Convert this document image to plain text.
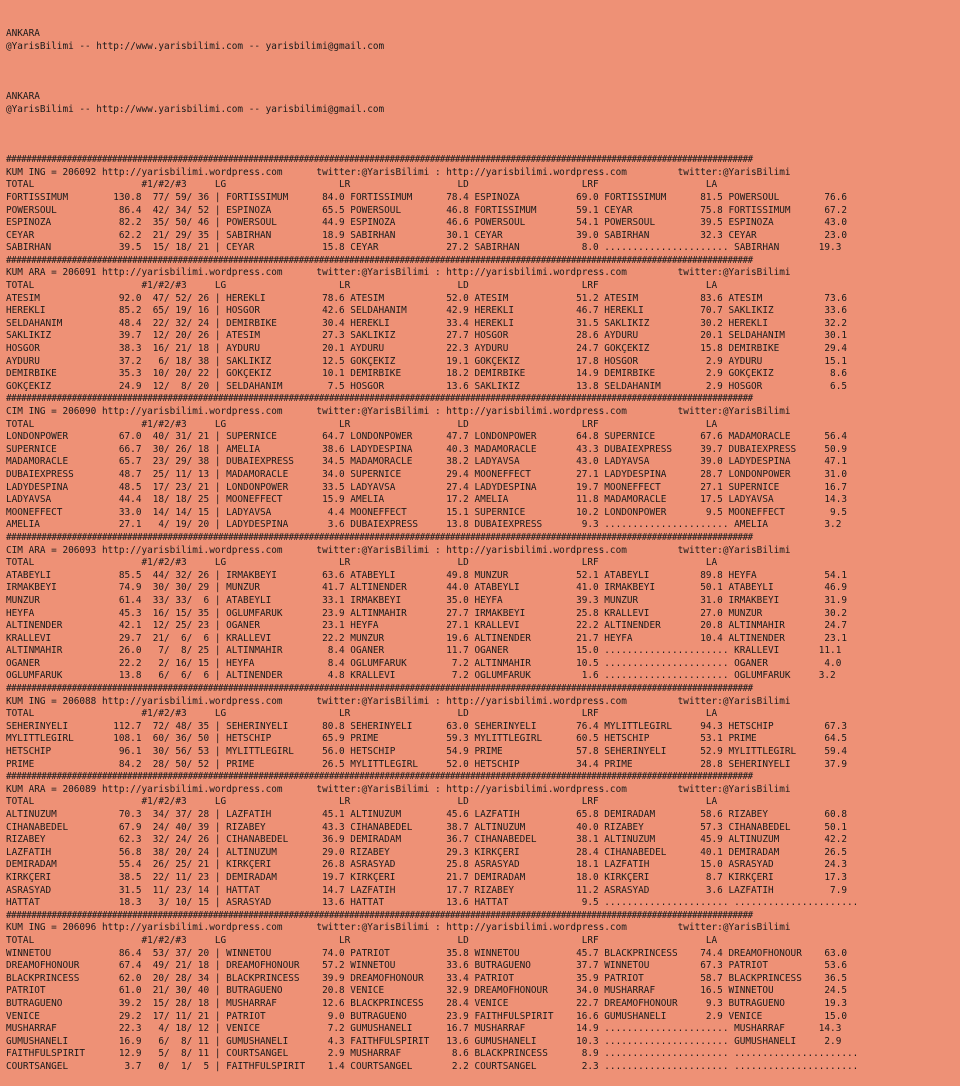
ANKARA
@YarisBilimi -- http://www.yarisbilimi.com -- yarisbilimi@gmail.com
ANKARA
@YarisBilimi -- http://www.yarisbilimi.com -- yarisbilimi@gmail.com

####################################################################################################################################################
KUM ING = 206092 http://yarisbilimi.wordpress.com      twitter:@YarisBilimi : http://yarisbilimi.wordpress.com         twitter:@YarisBilimi
TOTAL                   #1/#2/#3     LG                    LR                   LD                    LRF                   LA
FORTISSIMUM        130.8  77/ 59/ 36 | FORTISSIMUM      84.0 FORTISSIMUM      78.4 ESPINOZA          69.0 FORTISSIMUM      81.5 POWERSOUL        76.6
POWERSOUL           86.4  42/ 34/ 52 | ESPINOZA         65.5 POWERSOUL        46.8 FORTISSIMUM       59.1 CEYAR            75.8 FORTISSIMUM      67.2
ESPINOZA            82.2  35/ 50/ 46 | POWERSOUL        44.9 ESPINOZA         46.6 POWERSOUL         54.1 POWERSOUL        39.5 ESPINOZA         43.0
CEYAR               62.2  21/ 29/ 35 | SABIRHAN         18.9 SABIRHAN         30.1 CEYAR             39.0 SABIRHAN         32.3 CEYAR            23.0
SABIRHAN            39.5  15/ 18/ 21 | CEYAR            15.8 CEYAR            27.2 SABIRHAN           8.0 ...................... SABIRHAN       19.3
####################################################################################################################################################
KUM ARA = 206091 http://yarisbilimi.wordpress.com      twitter:@YarisBilimi : http://yarisbilimi.wordpress.com         twitter:@YarisBilimi
TOTAL                   #1/#2/#3     LG                    LR                   LD                    LRF                   LA
ATESIM              92.0  47/ 52/ 26 | HEREKLI          78.6 ATESIM           52.0 ATESIM            51.2 ATESIM           83.6 ATESIM           73.6
HEREKLI             85.2  65/ 19/ 16 | HOSGÖR           42.6 SELDAHANIM       42.9 HEREKLI           46.7 HEREKLI          70.7 SAKLIKIZ         33.6
SELDAHANIM          48.4  22/ 32/ 24 | DEMIRBIKE        30.4 HEREKLI          33.4 HEREKLI           31.5 SAKLIKIZ         30.2 HEREKLI          32.2
SAKLIKIZ            39.7  12/ 20/ 26 | ATESIM           27.3 SAKLIKIZ         27.7 HOSGÖR            28.6 AYDURU           20.1 SELDAHANIM       30.1
HOSGÖR              38.3  16/ 21/ 18 | AYDURU           20.1 AYDURU           22.3 AYDURU            24.7 GÖKÇEKIZ         15.8 DEMIRBIKE        29.4
AYDURU              37.2   6/ 18/ 38 | SAKLIKIZ         12.5 GÖKÇEKIZ         19.1 GÖKÇEKIZ          17.8 HOSGÖR            2.9 AYDURU           15.1
DEMIRBIKE           35.3  10/ 20/ 22 | GÖKÇEKIZ         10.1 DEMIRBIKE        18.2 DEMIRBIKE         14.9 DEMIRBIKE         2.9 GÖKÇEKIZ          8.6
GÖKÇEKIZ            24.9  12/  8/ 20 | SELDAHANIM        7.5 HOSGÖR           13.6 SAKLIKIZ          13.8 SELDAHANIM        2.9 HOSGÖR            6.5
####################################################################################################################################################
CIM ING = 206090 http://yarisbilimi.wordpress.com      twitter:@YarisBilimi : http://yarisbilimi.wordpress.com         twitter:@YarisBilimi
TOTAL                   #1/#2/#3     LG                    LR                   LD                    LRF                   LA
LONDONPOWER         67.0  40/ 31/ 21 | SUPERNICE        64.7 LONDONPOWER      47.7 LONDONPOWER       64.8 SUPERNICE        67.6 MADAMORACLE      56.4
SUPERNICE           66.7  30/ 26/ 18 | AMELIA           38.6 LADYDESPINA      40.3 MADAMORACLE       43.3 DUBAIEXPRESS     39.7 DUBAIEXPRESS     50.9
MADAMORACLE         65.7  23/ 29/ 38 | DUBAIEXPRESS     34.5 MADAMORACLE      38.2 LADYAVSA          43.0 LADYAVSA         39.0 LADYDESPINA      47.1
DUBAIEXPRESS        48.7  25/ 11/ 13 | MADAMORACLE      34.0 SUPERNICE        29.4 MOONEFFECT        27.1 LADYDESPINA      28.7 LONDONPOWER      31.0
LADYDESPINA         48.5  17/ 23/ 21 | LONDONPOWER      33.5 LADYAVSA         27.4 LADYDESPINA       19.7 MOONEFFECT       27.1 SUPERNICE        16.7
LADYAVSA            44.4  18/ 18/ 25 | MOONEFFECT       15.9 AMELIA           17.2 AMELIA            11.8 MADAMORACLE      17.5 LADYAVSA         14.3
MOONEFFECT          33.0  14/ 14/ 15 | LADYAVSA          4.4 MOONEFFECT       15.1 SUPERNICE         10.2 LONDONPOWER       9.5 MOONEFFECT        9.5
AMELIA              27.1   4/ 19/ 20 | LADYDESPINA       3.6 DUBAIEXPRESS     13.8 DUBAIEXPRESS       9.3 ...................... AMELIA          3.2
####################################################################################################################################################
CIM ARA = 206093 http://yarisbilimi.wordpress.com      twitter:@YarisBilimi : http://yarisbilimi.wordpress.com         twitter:@YarisBilimi
TOTAL                   #1/#2/#3     LG                    LR                   LD                    LRF                   LA
ATABEYLI            85.5  44/ 32/ 26 | IRMAKBEYI        63.6 ATABEYLI         49.8 MUNZUR            52.1 ATABEYLI         89.8 HEYFA            54.1
IRMAKBEYI           74.9  30/ 30/ 29 | MUNZUR           41.7 ALTINENDER       44.0 ATABEYLI          41.0 IRMAKBEYI        50.1 ATABEYLI         46.9
MUNZUR              61.4  33/ 33/  6 | ATABEYLI         33.1 IRMAKBEYI        35.0 HEYFA             39.3 MUNZUR           31.0 IRMAKBEYI        31.9
HEYFA               45.3  16/ 15/ 35 | OGLUMFARUK       23.9 ALTINMAHIR       27.7 IRMAKBEYI         25.8 KRALLEVI         27.0 MUNZUR           30.2
ALTINENDER          42.1  12/ 25/ 23 | OGANER           23.1 HEYFA            27.1 KRALLEVI          22.2 ALTINENDER       20.8 ALTINMAHIR       24.7
KRALLEVI            29.7  21/  6/  6 | KRALLEVI         22.2 MUNZUR           19.6 ALTINENDER        21.7 HEYFA            10.4 ALTINENDER       23.1
ALTINMAHIR          26.0   7/  8/ 25 | ALTINMAHIR        8.4 OGANER           11.7 OGANER            15.0 ...................... KRALLEVI       11.1
OGANER              22.2   2/ 16/ 15 | HEYFA             8.4 OGLUMFARUK        7.2 ALTINMAHIR        10.5 ...................... OGANER          4.0
OGLUMFARUK          13.8   6/  6/  6 | ALTINENDER        4.8 KRALLEVI          7.2 OGLUMFARUK         1.6 ...................... OGLUMFARUK     3.2
####################################################################################################################################################
KUM ING = 206088 http://yarisbilimi.wordpress.com      twitter:@YarisBilimi : http://yarisbilimi.wordpress.com         twitter:@YarisBilimi
TOTAL                   #1/#2/#3     LG                    LR                   LD                    LRF                   LA
SEHERINYELI        112.7  72/ 48/ 35 | SEHERINYELI      80.8 SEHERINYELI      63.0 SEHERINYELI       76.4 MYLITTLEGIRL     94.3 HETSCHIP         67.3
MYLITTLEGIRL       108.1  60/ 36/ 50 | HETSCHIP         65.9 PRIME            59.3 MYLITTLEGIRL      60.5 HETSCHIP         53.1 PRIME            64.5
HETSCHIP            96.1  30/ 56/ 53 | MYLITTLEGIRL     56.0 HETSCHIP         54.9 PRIME             57.8 SEHERINYELI      52.9 MYLITTLEGIRL     59.4
PRIME               84.2  28/ 50/ 52 | PRIME            26.5 MYLITTLEGIRL     52.0 HETSCHIP          34.4 PRIME            28.8 SEHERINYELI      37.9
####################################################################################################################################################
KUM ARA = 206089 http://yarisbilimi.wordpress.com      twitter:@YarisBilimi : http://yarisbilimi.wordpress.com         twitter:@YarisBilimi
TOTAL                   #1/#2/#3     LG                    LR                   LD                    LRF                   LA
ALTINÜZÜM           70.3  34/ 37/ 28 | LAZFATIH         45.1 ALTINÜZÜM        45.6 LAZFATIH          65.8 DEMIRADAM        58.6 RIZABEY          60.8
CIHANABEDEL         67.9  24/ 40/ 39 | RIZABEY          43.3 CIHANABEDEL      38.7 ALTINÜZÜM         40.0 RIZABEY          57.3 CIHANABEDEL      50.1
RIZABEY             62.3  32/ 24/ 26 | CIHANABEDEL      36.9 DEMIRADAM        36.7 CIHANABEDEL       38.1 ALTINÜZÜM        45.9 ALTINÜZÜM        42.2
LAZFATIH            56.8  38/ 20/ 24 | ALTINÜZÜM        29.0 RIZABEY          29.3 KIRKÇERI          28.4 CIHANABEDEL      40.1 DEMIRADAM        26.5
DEMIRADAM           55.4  26/ 25/ 21 | KIRKÇERI         26.8 ASRASYAD         25.8 ASRASYAD          18.1 LAZFATIH         15.0 ASRASYAD         24.3
KIRKÇERI            38.5  22/ 11/ 23 | DEMIRADAM        19.7 KIRKÇERI         21.7 DEMIRADAM         18.0 KIRKÇERI          8.7 KIRKÇERI         17.3
ASRASYAD            31.5  11/ 23/ 14 | HATTAT           14.7 LAZFATIH         17.7 RIZABEY           11.2 ASRASYAD          3.6 LAZFATIH          7.9
HATTAT              18.3   3/ 10/ 15 | ASRASYAD         13.6 HATTAT           13.6 HATTAT             9.5 ...................... ......................
####################################################################################################################################################
KUM ING = 206096 http://yarisbilimi.wordpress.com      twitter:@YarisBilimi : http://yarisbilimi.wordpress.com         twitter:@YarisBilimi
TOTAL                   #1/#2/#3     LG                    LR                   LD                    LRF                   LA
WINNETOU            86.4  53/ 37/ 20 | WINNETOU         74.0 PATRIOT          35.8 WINNETOU          45.7 BLACKPRINCESS    74.4 DREAMOFHONOUR    63.0
DREAMOFHONOUR       67.4  49/ 21/ 18 | DREAMOFHONOUR    57.2 WINNETOU         33.6 BUTRAGUENO        37.7 WINNETOU         67.3 PATRIOT          53.6
BLACKPRINCESS       62.0  20/ 28/ 34 | BLACKPRINCESS    39.9 DREAMOFHONOUR    33.4 PATRIOT           35.9 PATRIOT          58.7 BLACKPRINCESS    36.5
PATRIOT             61.0  21/ 30/ 40 | BUTRAGUENO       20.8 VENICE           32.9 DREAMOFHONOUR     34.0 MUSHARRAF        16.5 WINNETOU         24.5
BUTRAGUENO          39.2  15/ 28/ 18 | MUSHARRAF        12.6 BLACKPRINCESS    28.4 VENICE            22.7 DREAMOFHONOUR     9.3 BUTRAGUENO       19.3
VENICE              29.2  17/ 11/ 21 | PATRIOT           9.0 BUTRAGUENO       23.9 FAITHFULSPIRIT    16.6 GÜMÜSHANELI       2.9 VENICE           15.0
MUSHARRAF           22.3   4/ 18/ 12 | VENICE            7.2 GÜMÜSHANELI      16.7 MUSHARRAF         14.9 ...................... MUSHARRAF      14.3
GÜMÜSHANELI         16.9   6/  8/ 11 | GÜMÜSHANELI       4.3 FAITHFULSPIRIT   13.6 GÜMÜSHANELI       10.3 ...................... GÜMÜSHANELI     2.9
FAITHFULSPIRIT      12.9   5/  8/ 11 | COURTSANGEL       2.9 MUSHARRAF         8.6 BLACKPRINCESS      8.9 ...................... ......................
COURTSANGEL          3.7   0/  1/  5 | FAITHFULSPIRIT    1.4 COURTSANGEL       2.2 COURTSANGEL        2.3 ...................... ......................
